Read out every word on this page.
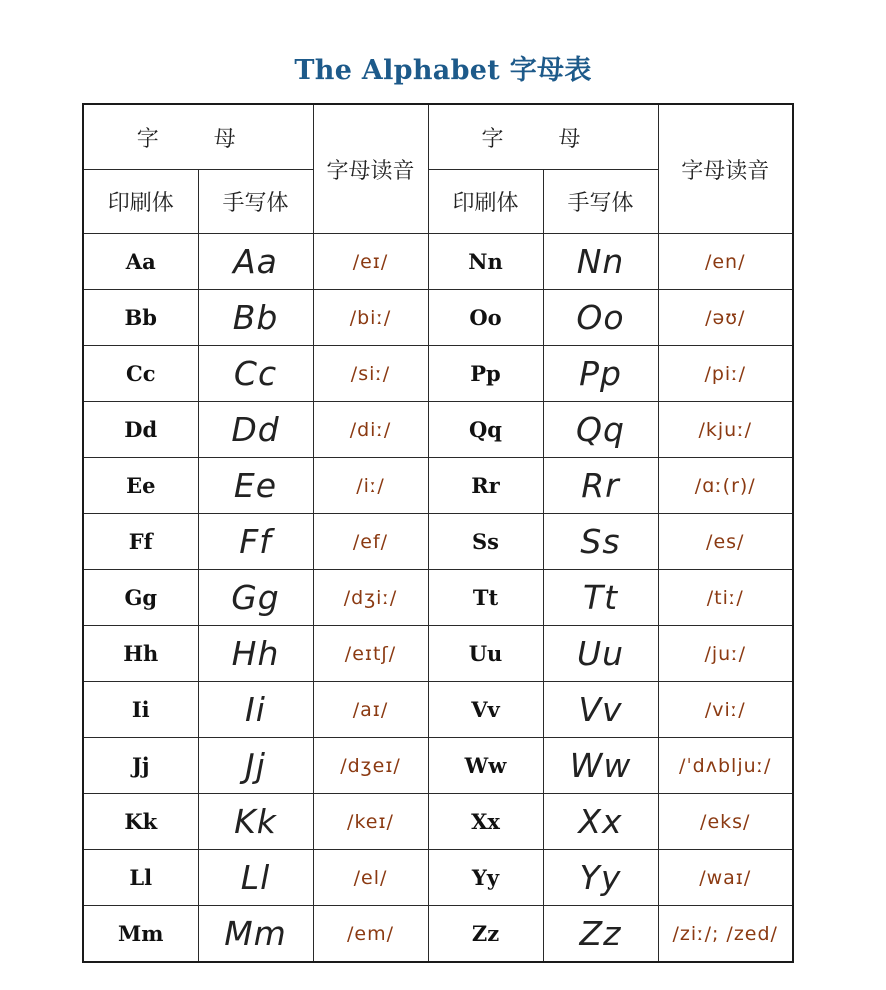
The Alphabet 字母表
字 母		字母读音	字 母		字母读音
印刷体	手写体		印刷体	手写体	
Aa	Aa	/eɪ/	Nn	Nn	/en/
Bb	Bb	/biː/	Oo	Oo	/əʊ/
Cc	Cc	/siː/	Pp	Pp	/piː/
Dd	Dd	/diː/	Qq	Qq	/kjuː/
Ee	Ee	/iː/	Rr	Rr	/ɑː(r)/
Ff	Ff	/ef/	Ss	Ss	/es/
Gg	Gg	/dʒiː/	Tt	Tt	/tiː/
Hh	Hh	/eɪtʃ/	Uu	Uu	/juː/
Ii	Ii	/aɪ/	Vv	Vv	/viː/
Jj	Jj	/dʒeɪ/	Ww	Ww	/ˈdʌbljuː/
Kk	Kk	/keɪ/	Xx	Xx	/eks/
Ll	Ll	/el/	Yy	Yy	/waɪ/
Mm	Mm	/em/	Zz	Zz	/ziː/; /zed/
